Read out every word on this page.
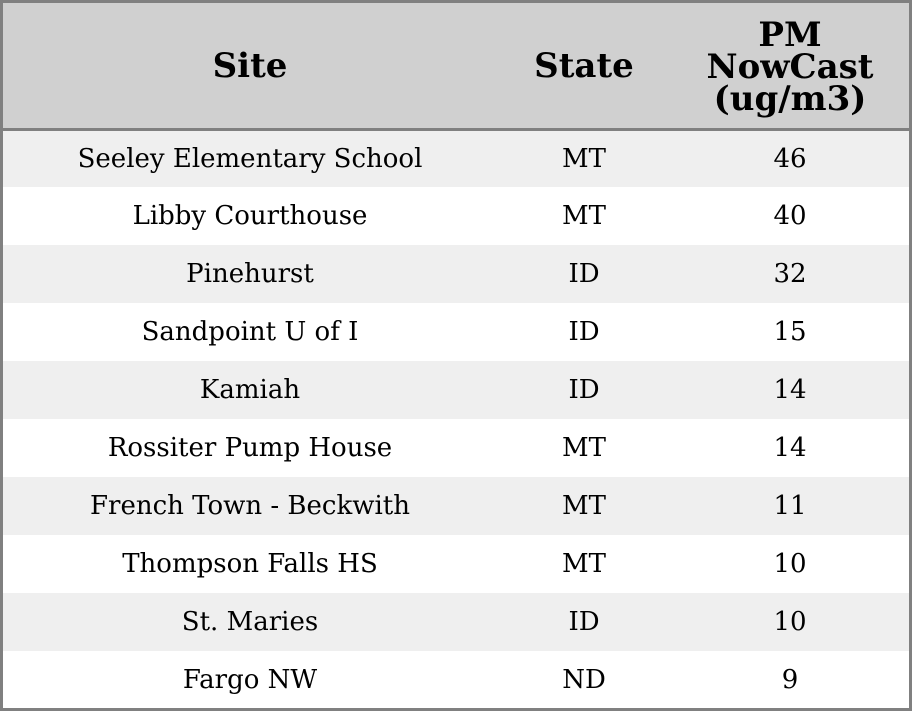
Site	State	PM
NowCast
(ug/m3)

Seeley Elementary School	MT	46
Libby Courthouse	MT	40
Pinehurst	ID	32
Sandpoint U of I	ID	15
Kamiah	ID	14
Rossiter Pump House	MT	14
French Town - Beckwith	MT	11
Thompson Falls HS	MT	10
St. Maries	ID	10
Fargo NW	ND	9
